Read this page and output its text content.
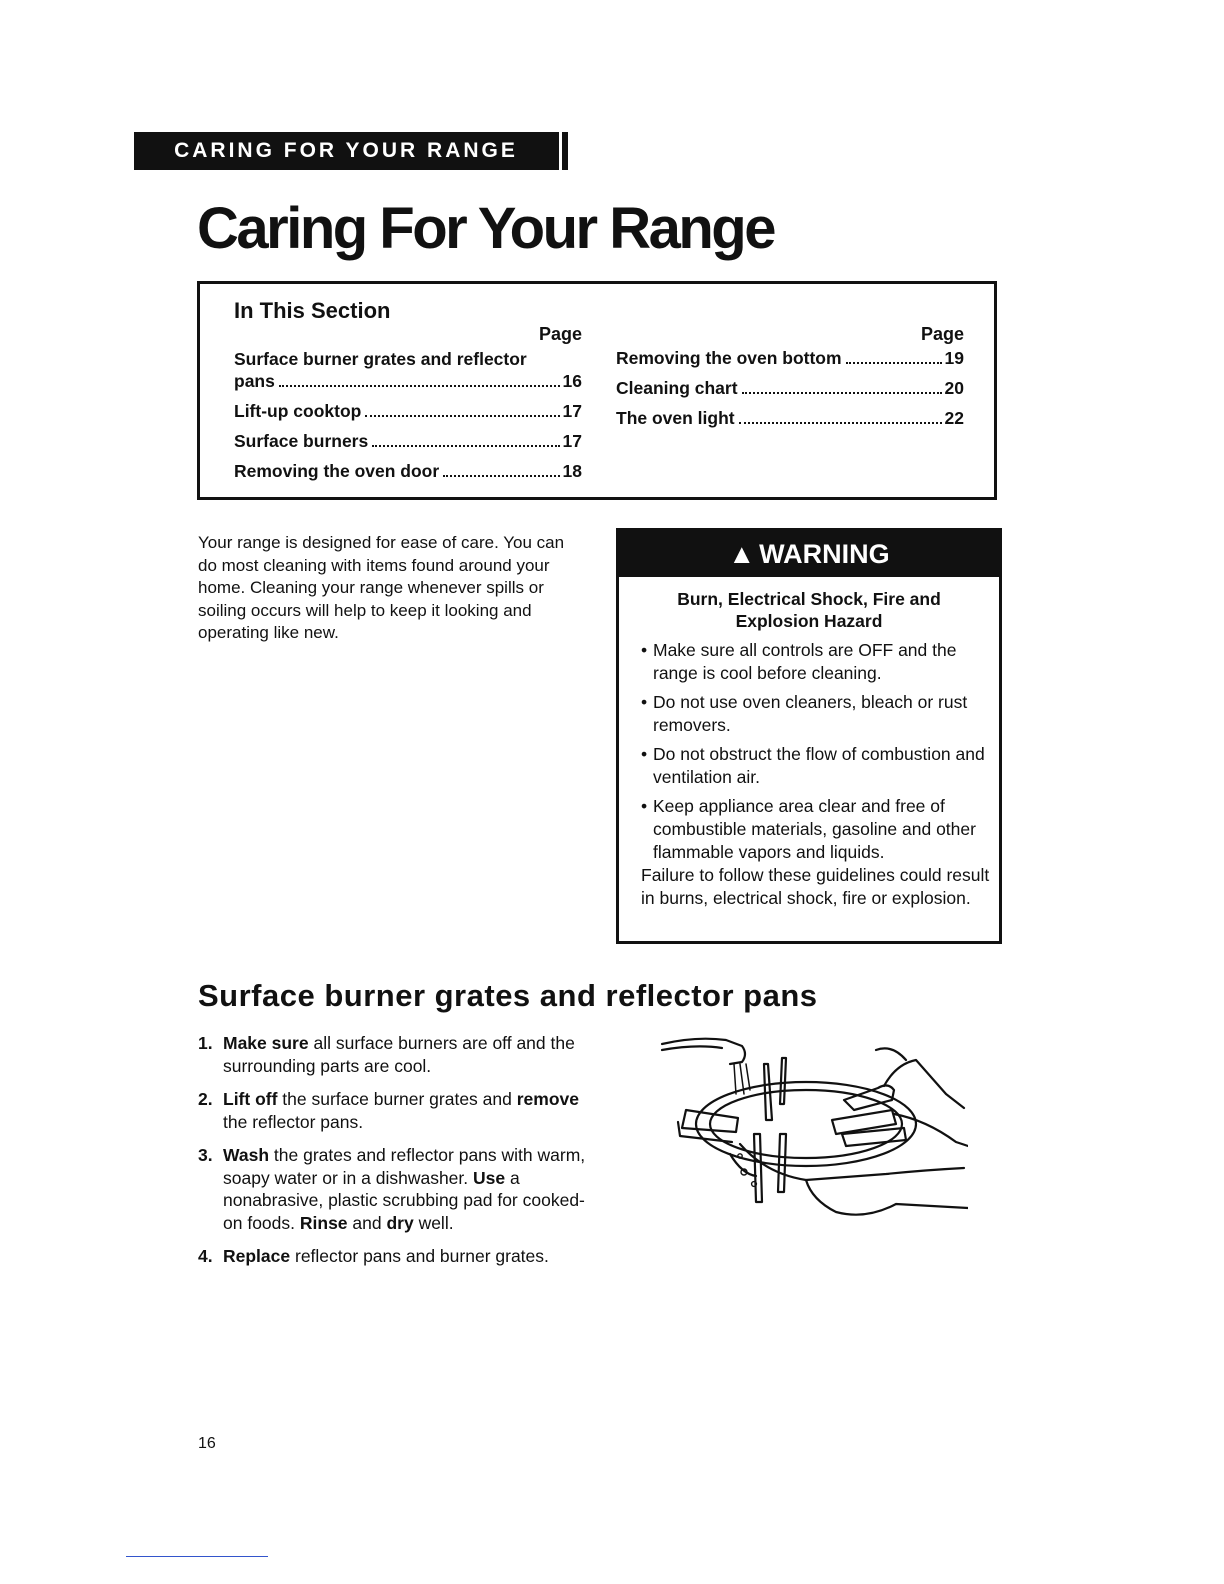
CARING FOR YOUR RANGE
Caring For Your Range
In This Section
Page
Surface burner grates and reflector
pans	16
Lift-up cooktop	17
Surface burners	17
Removing the oven door	18
Page
Removing the oven bottom	19
Cleaning chart	20
The oven light	22
Your range is designed for ease of care. You can do most cleaning with items found around your home. Cleaning your range whenever spills or soiling occurs will help to keep it looking and operating like new.
▲ WARNING
Burn, Electrical Shock, Fire and
Explosion Hazard
• Make sure all controls are OFF and the range is cool before cleaning.
• Do not use oven cleaners, bleach or rust removers.
• Do not obstruct the flow of combustion and ventilation air.
• Keep appliance area clear and free of combustible materials, gasoline and other flammable vapors and liquids.
Failure to follow these guidelines could result in burns, electrical shock, fire or explosion.
Surface burner grates and reflector pans
1. Make sure all surface burners are off and the surrounding parts are cool.
2. Lift off the surface burner grates and remove the reflector pans.
3. Wash the grates and reflector pans with warm, soapy water or in a dishwasher. Use a nonabrasive, plastic scrubbing pad for cooked-on foods. Rinse and dry well.
4. Replace reflector pans and burner grates.
16
